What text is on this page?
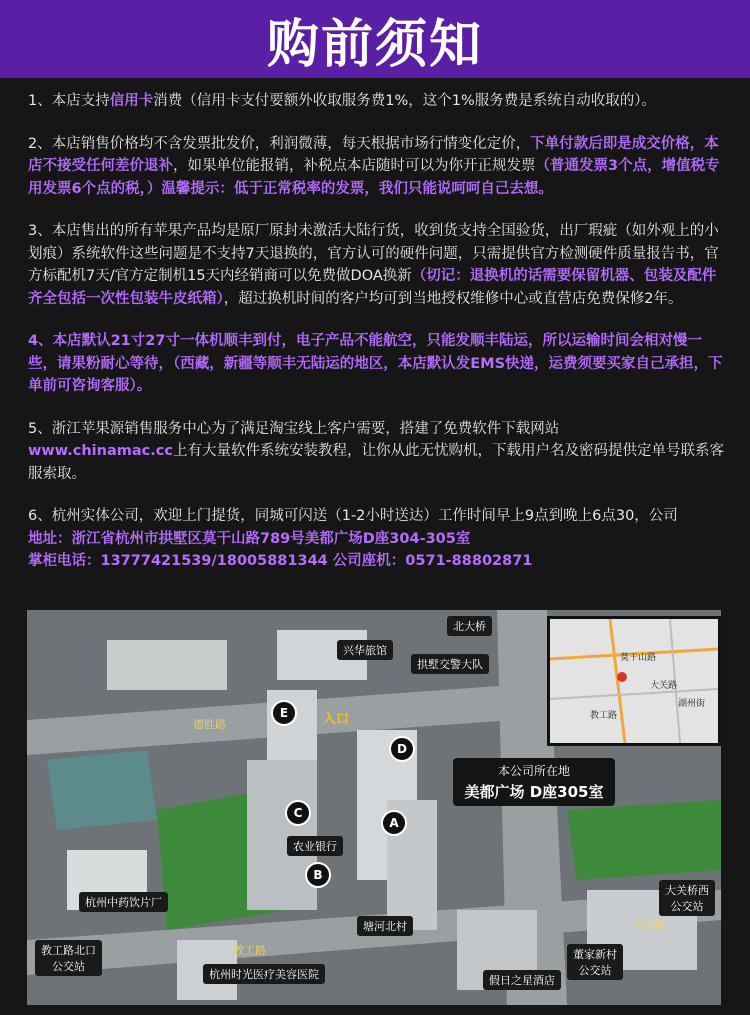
购前须知

1、本店支持信用卡消费（信用卡支付要额外收取服务费1%，这个1%服务费是系统自动收取的）。

2、本店销售价格均不含发票批发价，利润微薄，每天根据市场行情变化定价，下单付款后即是成交价格，本店不接受任何差价退补，如果单位能报销，补税点本店随时可以为你开正规发票（普通发票3个点，增值税专用发票6个点的税，）温馨提示：低于正常税率的发票，我们只能说呵呵自己去想。

3、本店售出的所有苹果产品均是原厂原封未激活大陆行货，收到货支持全国验货，出厂瑕疵（如外观上的小划痕）系统软件这些问题是不支持7天退换的，官方认可的硬件问题，只需提供官方检测硬件质量报告书，官方标配机7天/官方定制机15天内经销商可以免费做DOA换新（切记：退换机的话需要保留机器、包装及配件齐全包括一次性包装牛皮纸箱），超过换机时间的客户均可到当地授权维修中心或直营店免费保修2年。

4、本店默认21寸27寸一体机顺丰到付，电子产品不能航空，只能发顺丰陆运，所以运输时间会相对慢一些，请果粉耐心等待，（西藏，新疆等顺丰无陆运的地区，本店默认发EMS快递，运费须要买家自己承担，下单前可咨询客服）。

5、浙江苹果源销售服务中心为了满足淘宝线上客户需要，搭建了免费软件下载网站
www.chinamac.cc上有大量软件系统安装教程，让你从此无忧购机，下载用户名及密码提供定单号联系客服索取。

6、杭州实体公司，欢迎上门提货，同城可闪送（1-2小时送达）工作时间早上9点到晚上6点30，公司
地址：浙江省杭州市拱墅区莫干山路789号美都广场D座304-305室
掌柜电话：13777421539/18005881344 公司座机：0571-88802871

莫干山路
大关路
教工路
湖州街
北大桥
兴华旅馆
拱墅交警大队
入口
本公司所在地
美都广场 D座305室
农业银行
杭州中药饮片厂
塘河北村
教工路北口
公交站
大关桥西
公交站
董家新村
公交站
杭州时光医疗美容医院	假日之星酒店
教工路
大关路
德胜路
E
D
C
A
B
